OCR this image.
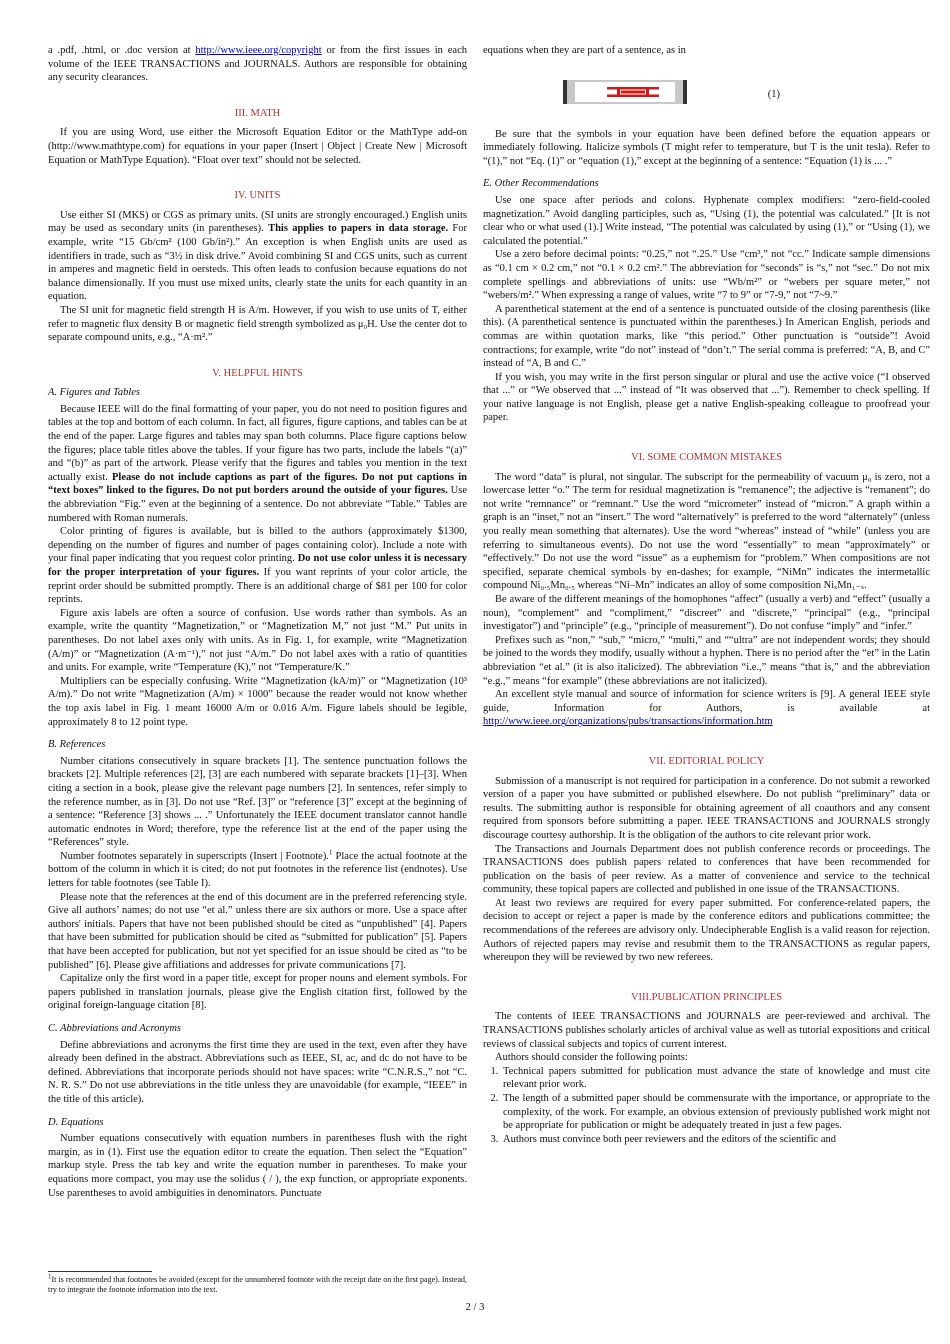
a .pdf, .html, or .doc version at http://www.ieee.org/copyright or from the first issues in each volume of the IEEE TRANSACTIONS and JOURNALS. Authors are responsible for obtaining any security clearances.

III. MATH

If you are using Word, use either the Microsoft Equation Editor or the MathType add-on (http://www.mathtype.com) for equations in your paper (Insert | Object | Create New | Microsoft Equation or MathType Equation). “Float over text” should not be selected.

IV. UNITS

Use either SI (MKS) or CGS as primary units. (SI units are strongly encouraged.) English units may be used as secondary units (in parentheses). This applies to papers in data storage. For example, write “15 Gb/cm² (100 Gb/in²).” An exception is when English units are used as identifiers in trade, such as “3½ in disk drive.” Avoid combining SI and CGS units, such as current in amperes and magnetic field in oersteds. This often leads to confusion because equations do not balance dimensionally. If you must use mixed units, clearly state the units for each quantity in an equation.

The SI unit for magnetic field strength H is A/m. However, if you wish to use units of T, either refer to magnetic flux density B or magnetic field strength symbolized as μ₀H. Use the center dot to separate compound units, e.g., “A·m².”

V. HELPFUL HINTS

A. Figures and Tables

Because IEEE will do the final formatting of your paper, you do not need to position figures and tables at the top and bottom of each column. In fact, all figures, figure captions, and tables can be at the end of the paper. Large figures and tables may span both columns. Place figure captions below the figures; place table titles above the tables. If your figure has two parts, include the labels “(a)” and “(b)” as part of the artwork. Please verify that the figures and tables you mention in the text actually exist. Please do not include captions as part of the figures. Do not put captions in “text boxes” linked to the figures. Do not put borders around the outside of your figures. Use the abbreviation “Fig.” even at the beginning of a sentence. Do not abbreviate “Table.” Tables are numbered with Roman numerals.

Color printing of figures is available, but is billed to the authors (approximately $1300, depending on the number of figures and number of pages containing color). Include a note with your final paper indicating that you request color printing. Do not use color unless it is necessary for the proper interpretation of your figures. If you want reprints of your color article, the reprint order should be submitted promptly. There is an additional charge of $81 per 100 for color reprints.

Figure axis labels are often a source of confusion. Use words rather than symbols. As an example, write the quantity “Magnetization,” or “Magnetization M,” not just “M.” Put units in parentheses. Do not label axes only with units. As in Fig. 1, for example, write “Magnetization (A/m)” or “Magnetization (A·m⁻¹),” not just “A/m.” Do not label axes with a ratio of quantities and units. For example, write “Temperature (K),” not “Temperature/K.”

Multipliers can be especially confusing. Write “Magnetization (kA/m)” or “Magnetization (10³ A/m).” Do not write “Magnetization (A/m) × 1000” because the reader would not know whether the top axis label in Fig. 1 meant 16000 A/m or 0.016 A/m. Figure labels should be legible, approximately 8 to 12 point type.

B. References

Number citations consecutively in square brackets [1]. The sentence punctuation follows the brackets [2]. Multiple references [2], [3] are each numbered with separate brackets [1]–[3]. When citing a section in a book, please give the relevant page numbers [2]. In sentences, refer simply to the reference number, as in [3]. Do not use “Ref. [3]” or “reference [3]” except at the beginning of a sentence: “Reference [3] shows ... .” Unfortunately the IEEE document translator cannot handle automatic endnotes in Word; therefore, type the reference list at the end of the paper using the “References” style.

Number footnotes separately in superscripts (Insert | Footnote).$^1$ Place the actual footnote at the bottom of the column in which it is cited; do not put footnotes in the reference list (endnotes). Use letters for table footnotes (see Table I).

Please note that the references at the end of this document are in the preferred referencing style. Give all authors’ names; do not use “et al.” unless there are six authors or more. Use a space after authors' initials. Papers that have not been published should be cited as “unpublished” [4]. Papers that have been submitted for publication should be cited as “submitted for publication” [5]. Papers that have been accepted for publication, but not yet specified for an issue should be cited as “to be published” [6]. Please give affiliations and addresses for private communications [7].

Capitalize only the first word in a paper title, except for proper nouns and element symbols. For papers published in translation journals, please give the English citation first, followed by the original foreign-language citation [8].

C. Abbreviations and Acronyms

Define abbreviations and acronyms the first time they are used in the text, even after they have already been defined in the abstract. Abbreviations such as IEEE, SI, ac, and dc do not have to be defined. Abbreviations that incorporate periods should not have spaces: write “C.N.R.S.,” not “C. N. R. S.” Do not use abbreviations in the title unless they are unavoidable (for example, “IEEE” in the title of this article).

D. Equations

Number equations consecutively with equation numbers in parentheses flush with the right margin, as in (1). First use the equation editor to create the equation. Then select the “Equation” markup style. Press the tab key and write the equation number in parentheses. To make your equations more compact, you may use the solidus ( / ), the exp function, or appropriate exponents. Use parentheses to avoid ambiguities in denominators. Punctuate

1It is recommended that footnotes be avoided (except for the unnumbered footnote with the receipt date on the first page). Instead, try to integrate the footnote information into the text.

equations when they are part of a sentence, as in

(1)

Be sure that the symbols in your equation have been defined before the equation appears or immediately following. Italicize symbols (T might refer to temperature, but T is the unit tesla). Refer to “(1),” not “Eq. (1)” or “equation (1),” except at the beginning of a sentence: “Equation (1) is ... .”

E. Other Recommendations

Use one space after periods and colons. Hyphenate complex modifiers: “zero-field-cooled magnetization.” Avoid dangling participles, such as, “Using (1), the potential was calculated.” [It is not clear who or what used (1).] Write instead, “The potential was calculated by using (1),” or “Using (1), we calculated the potential.”

Use a zero before decimal points: “0.25,” not “.25.” Use “cm³,” not “cc.” Indicate sample dimensions as “0.1 cm × 0.2 cm,” not “0.1 × 0.2 cm².” The abbreviation for “seconds” is “s,” not “sec.” Do not mix complete spellings and abbreviations of units: use “Wb/m²” or “webers per square meter,” not “webers/m².” When expressing a range of values, write “7 to 9” or “7-9,” not “7~9.”

A parenthetical statement at the end of a sentence is punctuated outside of the closing parenthesis (like this). (A parenthetical sentence is punctuated within the parentheses.) In American English, periods and commas are within quotation marks, like “this period.” Other punctuation is “outside”! Avoid contractions; for example, write “do not” instead of “don’t.” The serial comma is preferred: “A, B, and C” instead of “A, B and C.”

If you wish, you may write in the first person singular or plural and use the active voice (“I observed that ...” or “We observed that ...” instead of “It was observed that ...”). Remember to check spelling. If your native language is not English, please get a native English-speaking colleague to proofread your paper.

VI. SOME COMMON MISTAKES

The word “data” is plural, not singular. The subscript for the permeability of vacuum μ₀ is zero, not a lowercase letter “o.” The term for residual magnetization is “remanence”; the adjective is “remanent”; do not write “remnance” or “remnant.” Use the word “micrometer” instead of “micron.” A graph within a graph is an “inset,” not an “insert.” The word “alternatively” is preferred to the word “alternately” (unless you really mean something that alternates). Use the word “whereas” instead of “while” (unless you are referring to simultaneous events). Do not use the word “essentially” to mean “approximately” or “effectively.” Do not use the word “issue” as a euphemism for “problem.” When compositions are not specified, separate chemical symbols by en-dashes; for example, “NiMn” indicates the intermetallic compound Ni₀.₅Mn₀.₅ whereas “Ni–Mn” indicates an alloy of some composition NiₓMn₁₋ₓ.

Be aware of the different meanings of the homophones “affect” (usually a verb) and “effect” (usually a noun), “complement” and “compliment,” “discreet” and “discrete,” “principal” (e.g., “principal investigator”) and “principle” (e.g., “principle of measurement”). Do not confuse “imply” and “infer.”

Prefixes such as “non,” “sub,” “micro,” “multi,” and ““ultra” are not independent words; they should be joined to the words they modify, usually without a hyphen. There is no period after the “et” in the Latin abbreviation “et al.” (it is also italicized). The abbreviation “i.e.,” means “that is,” and the abbreviation “e.g.,” means “for example” (these abbreviations are not italicized).

An excellent style manual and source of information for science writers is [9]. A general IEEE style guide, Information for Authors, is available at http://www.ieee.org/organizations/pubs/transactions/information.htm

VII. EDITORIAL POLICY

Submission of a manuscript is not required for participation in a conference. Do not submit a reworked version of a paper you have submitted or published elsewhere. Do not publish “preliminary” data or results. The submitting author is responsible for obtaining agreement of all coauthors and any consent required from sponsors before submitting a paper. IEEE TRANSACTIONS and JOURNALS strongly discourage courtesy authorship. It is the obligation of the authors to cite relevant prior work.

The Transactions and Journals Department does not publish conference records or proceedings. The TRANSACTIONS does publish papers related to conferences that have been recommended for publication on the basis of peer review. As a matter of convenience and service to the technical community, these topical papers are collected and published in one issue of the TRANSACTIONS.

At least two reviews are required for every paper submitted. For conference-related papers, the decision to accept or reject a paper is made by the conference editors and publications committee; the recommendations of the referees are advisory only. Undecipherable English is a valid reason for rejection. Authors of rejected papers may revise and resubmit them to the TRANSACTIONS as regular papers, whereupon they will be reviewed by two new referees.

VIII.PUBLICATION PRINCIPLES

The contents of IEEE TRANSACTIONS and JOURNALS are peer-reviewed and archival. The TRANSACTIONS publishes scholarly articles of archival value as well as tutorial expositions and critical reviews of classical subjects and topics of current interest.

Authors should consider the following points:

1. Technical papers submitted for publication must advance the state of knowledge and must cite relevant prior work.
2. The length of a submitted paper should be commensurate with the importance, or appropriate to the complexity, of the work. For example, an obvious extension of previously published work might not be appropriate for publication or might be adequately treated in just a few pages.
3. Authors must convince both peer reviewers and the editors of the scientific and
2 / 3
